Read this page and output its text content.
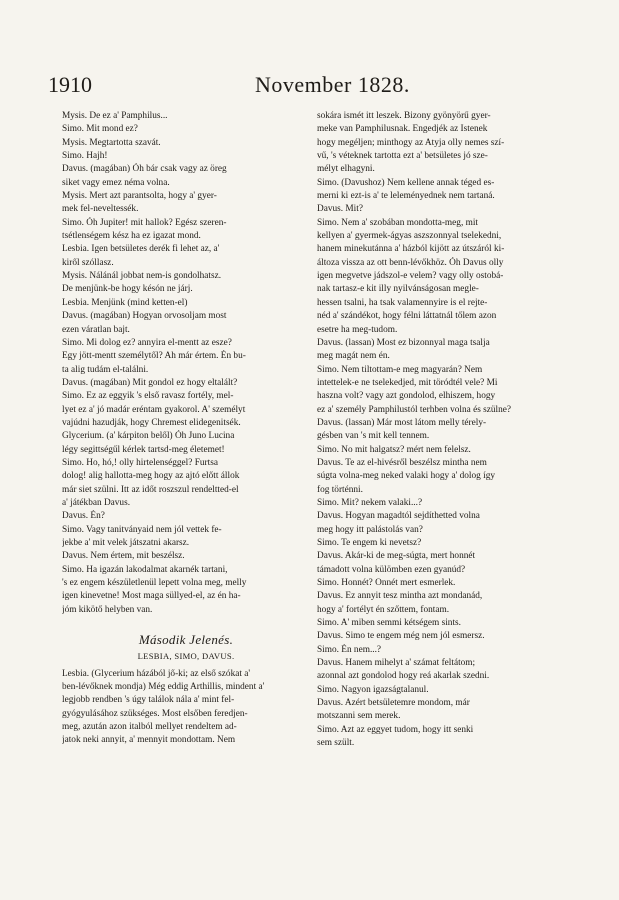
1910	November 1828.
Mysis. De ez a' Pamphilus...
Simo. Mit mond ez?
Mysis. Megtartotta szavát.
Simo. Hajh!
Davus. (magában) Óh bár csak vagy az öreg
siket vagy emez néma volna.
Mysis. Mert azt parantsolta, hogy a' gyer-
mek fel-neveltessék.
Simo. Óh Jupiter! mit hallok? Egész szeren-
tsétlenségem kész ha ez igazat mond.
Lesbia. Igen betsületes derék fi lehet az, a'
kiről szóllasz.
Mysis. Nálánál jobbat nem-is gondolhatsz.
De menjünk-be hogy késón ne járj.
Lesbia. Menjünk (mind ketten-el)
Davus. (magában) Hogyan orvosoljam most
ezen váratlan bajt.
Simo. Mi dolog ez? annyira el-mentt az esze?
Egy jött-mentt személytől? Ah már értem. Én bu-
ta alig tudám el-találni.
Davus. (magában) Mit gondol ez hogy eltalált?
Simo. Ez az eggyik 's első ravasz fortély, mel-
lyet ez a' jó madár eréntam gyakorol. A' személyt
vajúdni hazudják, hogy Chremest elidegenitsék.
Glycerium. (a' kárpiton belől) Óh Juno Lucina
légy segittségűl kérlek tartsd-meg életemet!
Simo. Ho, hó,! olly hirtelenséggel? Furtsa
dolog! alig hallotta-meg hogy az ajtó előtt állok
már siet szülni. Itt az időt roszszul rendeltted-el
a' játékban Davus.
Davus. Én?
Simo. Vagy tanitványaid nem jól vettek fe-
jekbe a' mit velek játszatni akarsz.
Davus. Nem értem, mit beszélsz.
Simo. Ha igazán lakodalmat akarnék tartani,
's ez engem készületlenül lepett volna meg, melly
igen kinevetne! Most maga süllyed-el, az én ha-
jóm kikötő helyben van.
Második Jelenés.
LESBIA, SIMO, DAVUS.
Lesbia. (Glycerium házából jő-ki; az első szókat a'
ben-lévőknek mondja) Még eddig Arthillis, mindent a'
legjobb rendben 's úgy találok nála a' mint fel-
gyógyulásához szükséges. Most elsőben feredjen-
meg, azután azon italból mellyet rendeltem ad-
jatok neki annyit, a' mennyit mondottam. Nem
sokára ismét itt leszek. Bizony gyönyörű gyer-
meke van Pamphilusnak. Engedjék az Istenek
hogy megéljen; minthogy az Atyja olly nemes szí-
vű, 's véteknek tartotta ezt a' betsületes jó sze-
mélyt elhagyni.
Simo. (Davushoz) Nem kellene annak téged es-
merni ki ezt-is a' te leleményednek nem tartaná.
Davus. Mit?
Simo. Nem a' szobában mondotta-meg, mit
kellyen a' gyermek-ágyas aszszonnyal tselekedni,
hanem minekutánna a' házból kijött az útszáról ki-
áltoza vissza az ott benn-lévőkhöz. Óh Davus olly
igen megvetve jádszol-e velem? vagy olly ostobá-
nak tartasz-e kit illy nyilvánságosan megle-
hessen tsalni, ha tsak valamennyire is el rejte-
néd a' szándékot, hogy félni láttatnál tőlem azon
esetre ha meg-tudom.
Davus. (lassan) Most ez bizonnyal maga tsalja
meg magát nem én.
Simo. Nem tiltottam-e meg magyarán? Nem
intettelek-e ne tselekedjed, mit töródtél vele? Mi
haszna volt? vagy azt gondolod, elhiszem, hogy
ez a' személy Pamphilustól terhben volna és szülne?
Davus. (lassan) Már most látom melly térely-
gésben van 's mit kell tennem.
Simo. No mit halgatsz? mért nem felelsz.
Davus. Te az el-hivésről beszélsz mintha nem
súgta volna-meg neked valaki hogy a' dolog így
fog történni.
Simo. Mit? nekem valaki...?
Davus. Hogyan magadtól sejdíthetted volna
meg hogy itt palástolás van?
Simo. Te engem ki nevetsz?
Davus. Akár-ki de meg-súgta, mert honnét
támadott volna külömben ezen gyanúd?
Simo. Honnét? Onnét mert esmerlek.
Davus. Ez annyit tesz mintha azt mondanád,
hogy a' fortélyt én szőttem, fontam.
Simo. A' miben semmi kétségem sints.
Davus. Simo te engem még nem jól esmersz.
Simo. Én nem...?
Davus. Hanem mihelyt a' számat feltátom;
azonnal azt gondolod hogy reá akarlak szedni.
Simo. Nagyon igazságtalanul.
Davus. Azért betsületemre mondom, már
motszanni sem merek.
Simo. Azt az eggyet tudom, hogy itt senki
sem szült.
